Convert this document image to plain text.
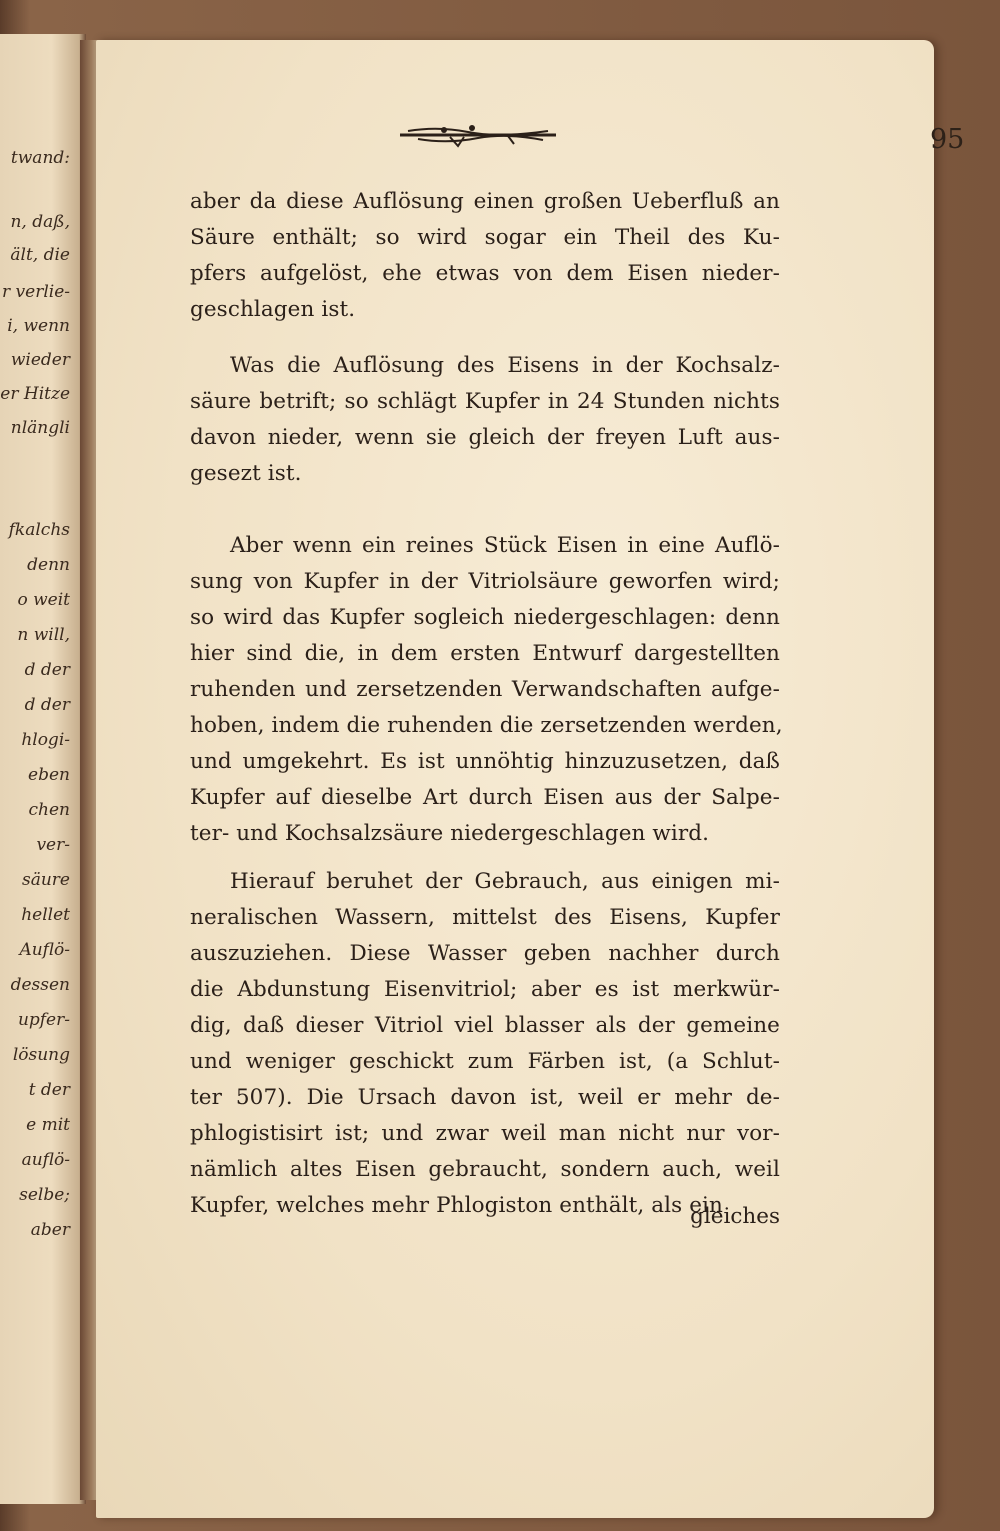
twand:
n, daß,
ält, die
r verlie-
i, wenn
wieder
er Hitze
nlängli
fkalchs
denn
o weit
n will,
d der
d der
hlogi-
eben
chen
ver-
säure
hellet
Auflö-
dessen
upfer-
lösung
t der
e mit
auflö-
selbe;
aber
95
aber da diese Auflösung einen großen Ueberfluß an
Säure enthält; so wird sogar ein Theil des Ku-
pfers aufgelöst, ehe etwas von dem Eisen nieder-
geschlagen ist.
Was die Auflösung des Eisens in der Kochsalz-
säure betrift; so schlägt Kupfer in 24 Stunden nichts
davon nieder, wenn sie gleich der freyen Luft aus-
gesezt ist.
Aber wenn ein reines Stück Eisen in eine Auflö-
sung von Kupfer in der Vitriolsäure geworfen wird;
so wird das Kupfer sogleich niedergeschlagen: denn
hier sind die, in dem ersten Entwurf dargestellten
ruhenden und zersetzenden Verwandschaften aufge-
hoben, indem die ruhenden die zersetzenden werden,
und umgekehrt. Es ist unnöhtig hinzuzusetzen, daß
Kupfer auf dieselbe Art durch Eisen aus der Salpe-
ter- und Kochsalzsäure niedergeschlagen wird.
Hierauf beruhet der Gebrauch, aus einigen mi-
neralischen Wassern, mittelst des Eisens, Kupfer
auszuziehen. Diese Wasser geben nachher durch
die Abdunstung Eisenvitriol; aber es ist merkwür-
dig, daß dieser Vitriol viel blasser als der gemeine
und weniger geschickt zum Färben ist, (a Schlut-
ter 507). Die Ursach davon ist, weil er mehr de-
phlogistisirt ist; und zwar weil man nicht nur vor-
nämlich altes Eisen gebraucht, sondern auch, weil
Kupfer, welches mehr Phlogiston enthält, als ein
gleiches
